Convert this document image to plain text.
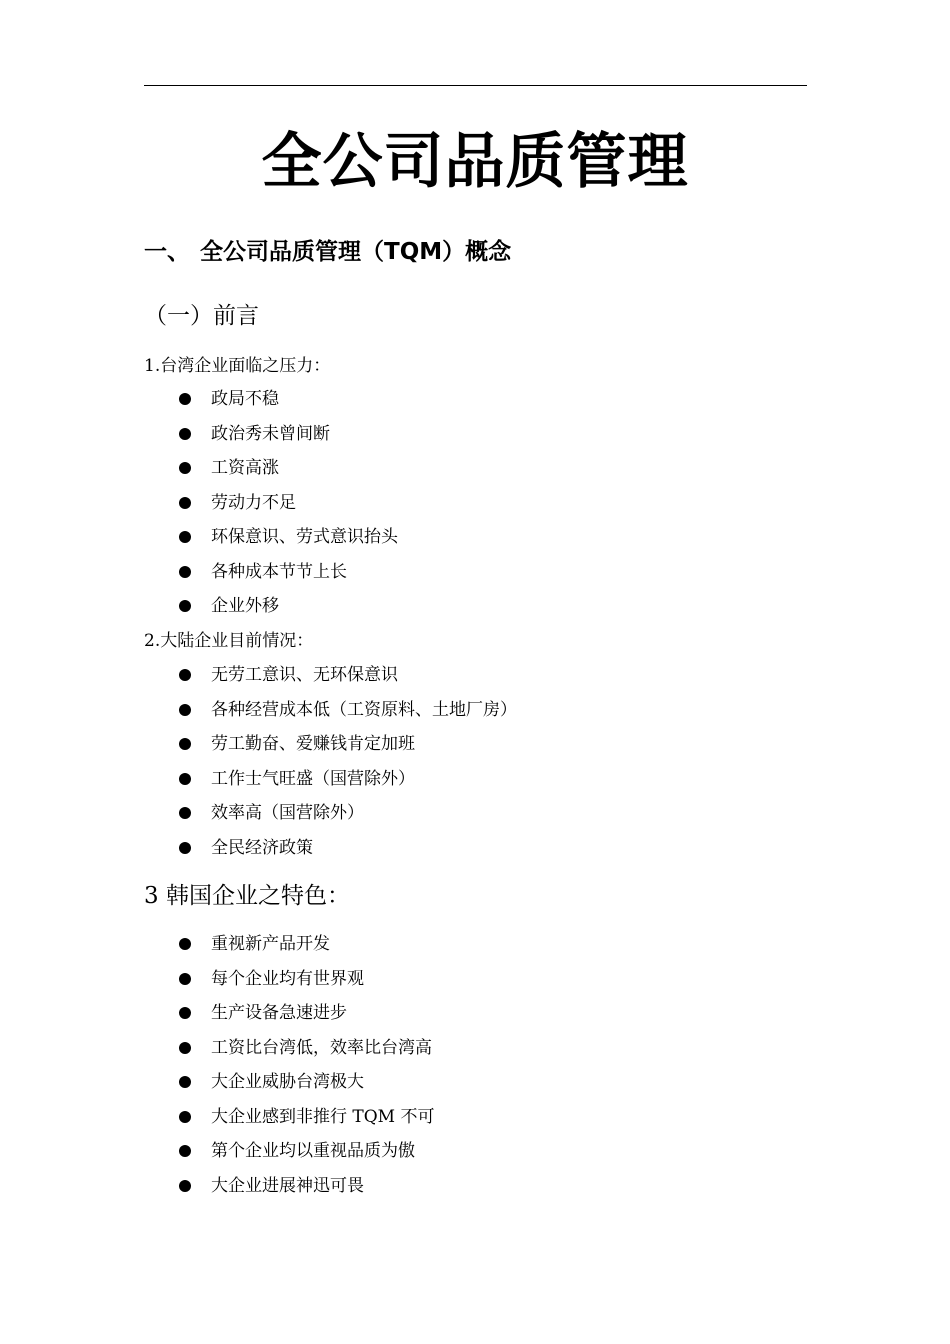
全公司品质管理
一、 全公司品质管理（TQM）概念
（一）前言
1.台湾企业面临之压力：
政局不稳
政治秀未曾间断
工资高涨
劳动力不足
环保意识、劳式意识抬头
各种成本节节上长
企业外移
2.大陆企业目前情况：
无劳工意识、无环保意识
各种经营成本低（工资原料、土地厂房）
劳工勤奋、爱赚钱肯定加班
工作士气旺盛（国营除外）
效率高（国营除外）
全民经济政策
3 韩国企业之特色：
重视新产品开发
每个企业均有世界观
生产设备急速进步
工资比台湾低，效率比台湾高
大企业威胁台湾极大
大企业感到非推行 TQM 不可
第个企业均以重视品质为傲
大企业进展神迅可畏
